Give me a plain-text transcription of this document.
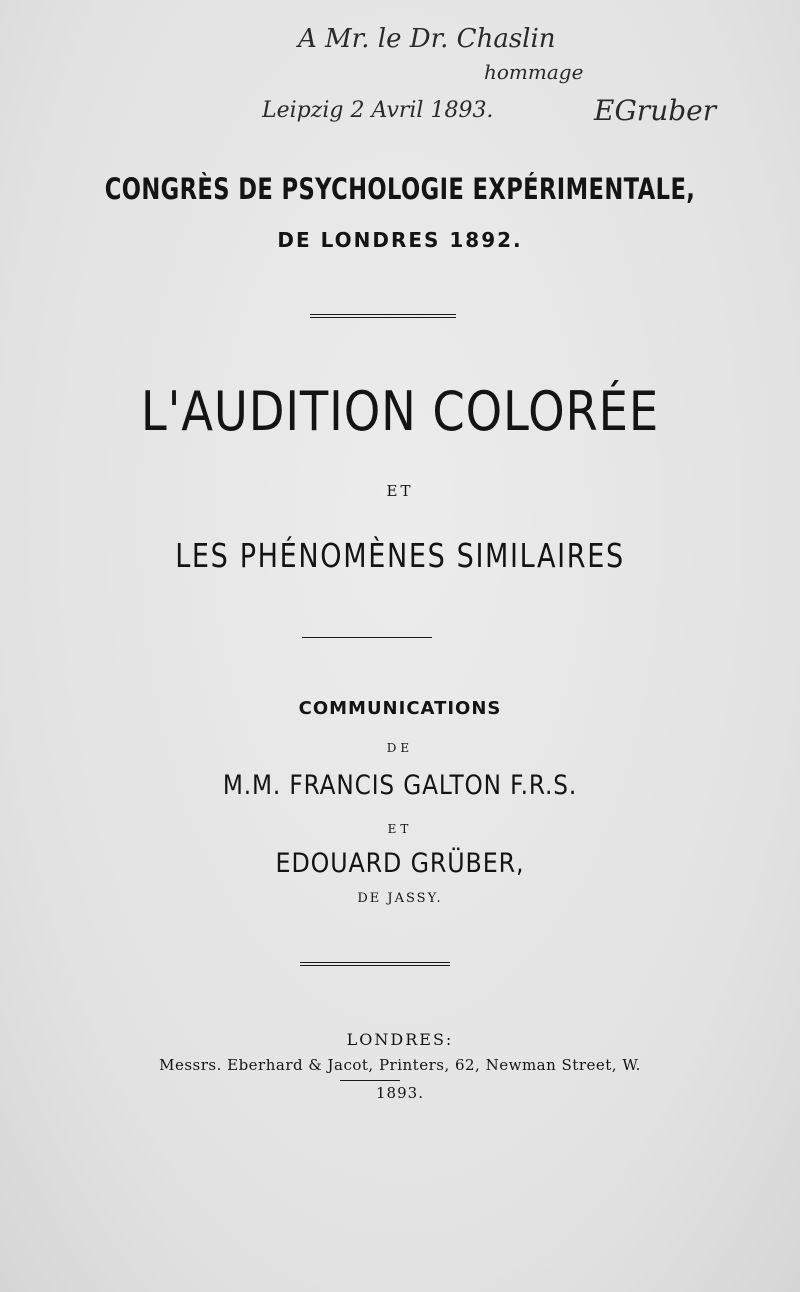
A Mr. le Dr. Chaslin
hommage
Leipzig 2 Avril 1893.	EGruber
CONGRÈS DE PSYCHOLOGIE EXPÉRIMENTALE,
DE LONDRES 1892.
L'AUDITION COLORÉE
ET
LES PHÉNOMÈNES SIMILAIRES
COMMUNICATIONS
DE
M.M. FRANCIS GALTON F.R.S.
ET
EDOUARD GRÜBER,
DE JASSY.
LONDRES:
Messrs. Eberhard & Jacot, Printers, 62, Newman Street, W.
1893.
